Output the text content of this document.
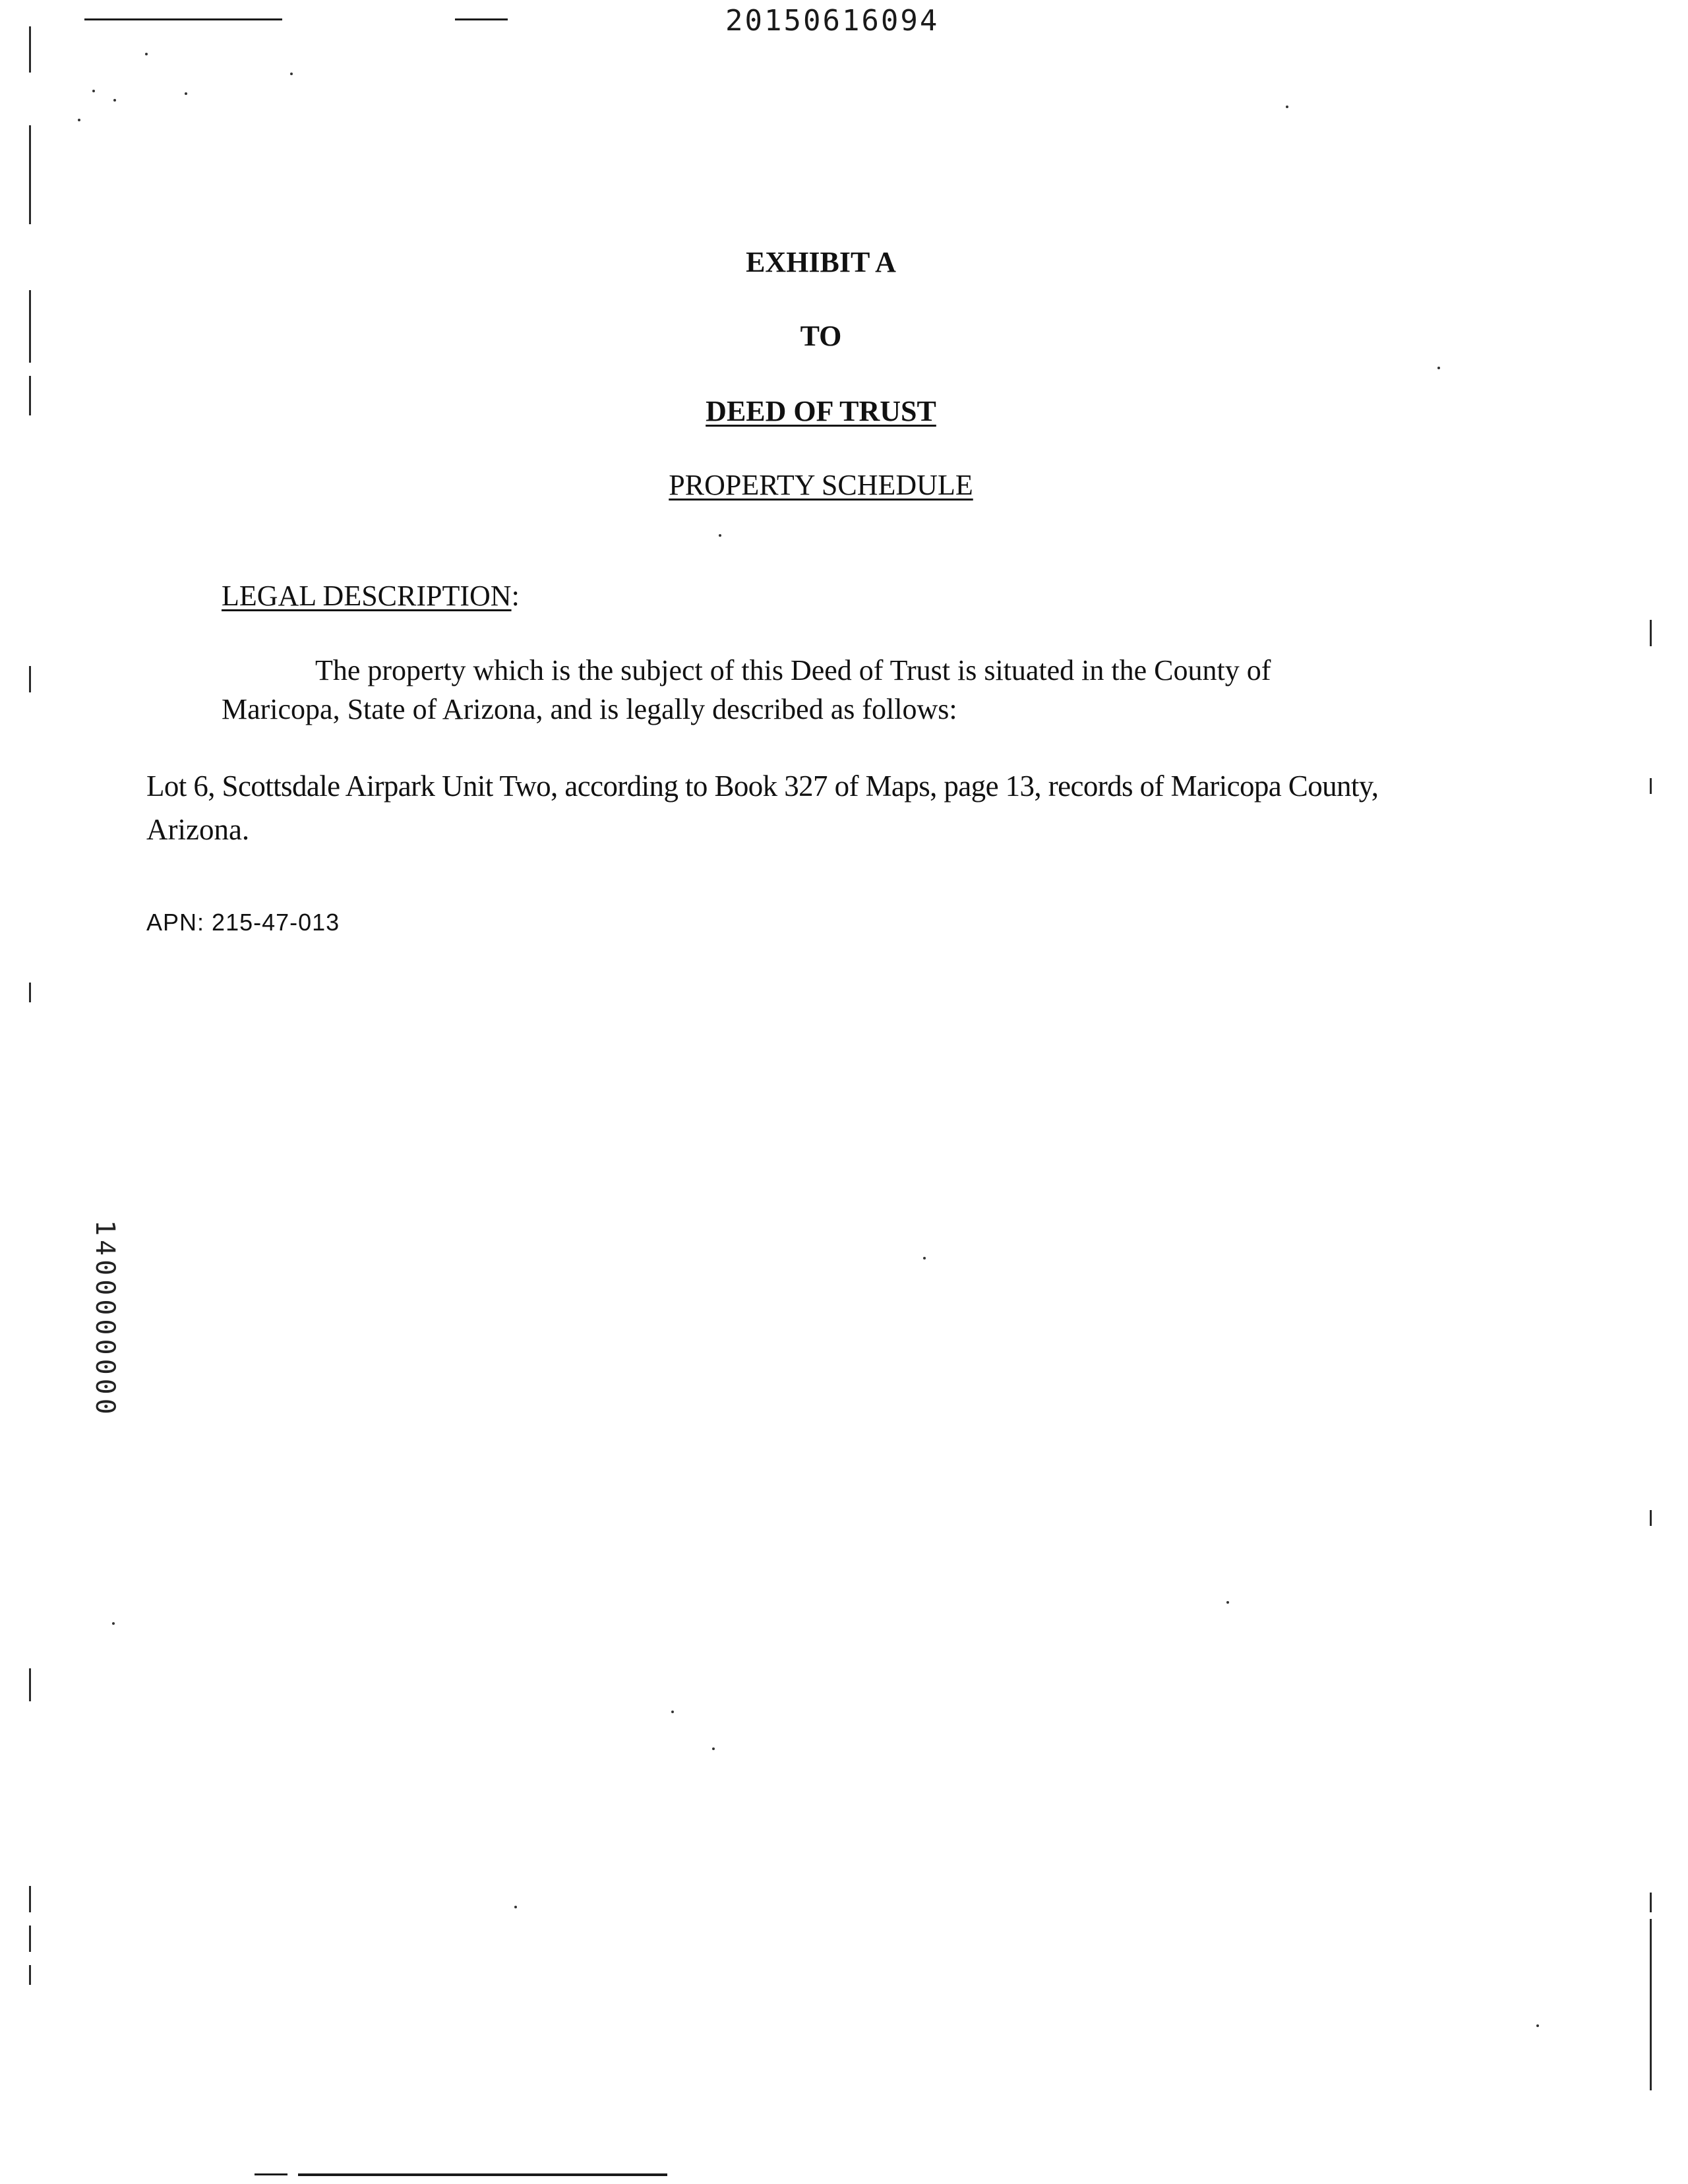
20150616094
EXHIBIT A
TO
DEED OF TRUST
PROPERTY SCHEDULE
LEGAL DESCRIPTION:
The property which is the subject of this Deed of Trust is situated in the County of
Maricopa, State of Arizona, and is legally described as follows:
Lot 6, Scottsdale Airpark Unit Two, according to Book 327 of Maps, page 13, records of Maricopa County,
Arizona.
APN: 215-47-013
1400000000
